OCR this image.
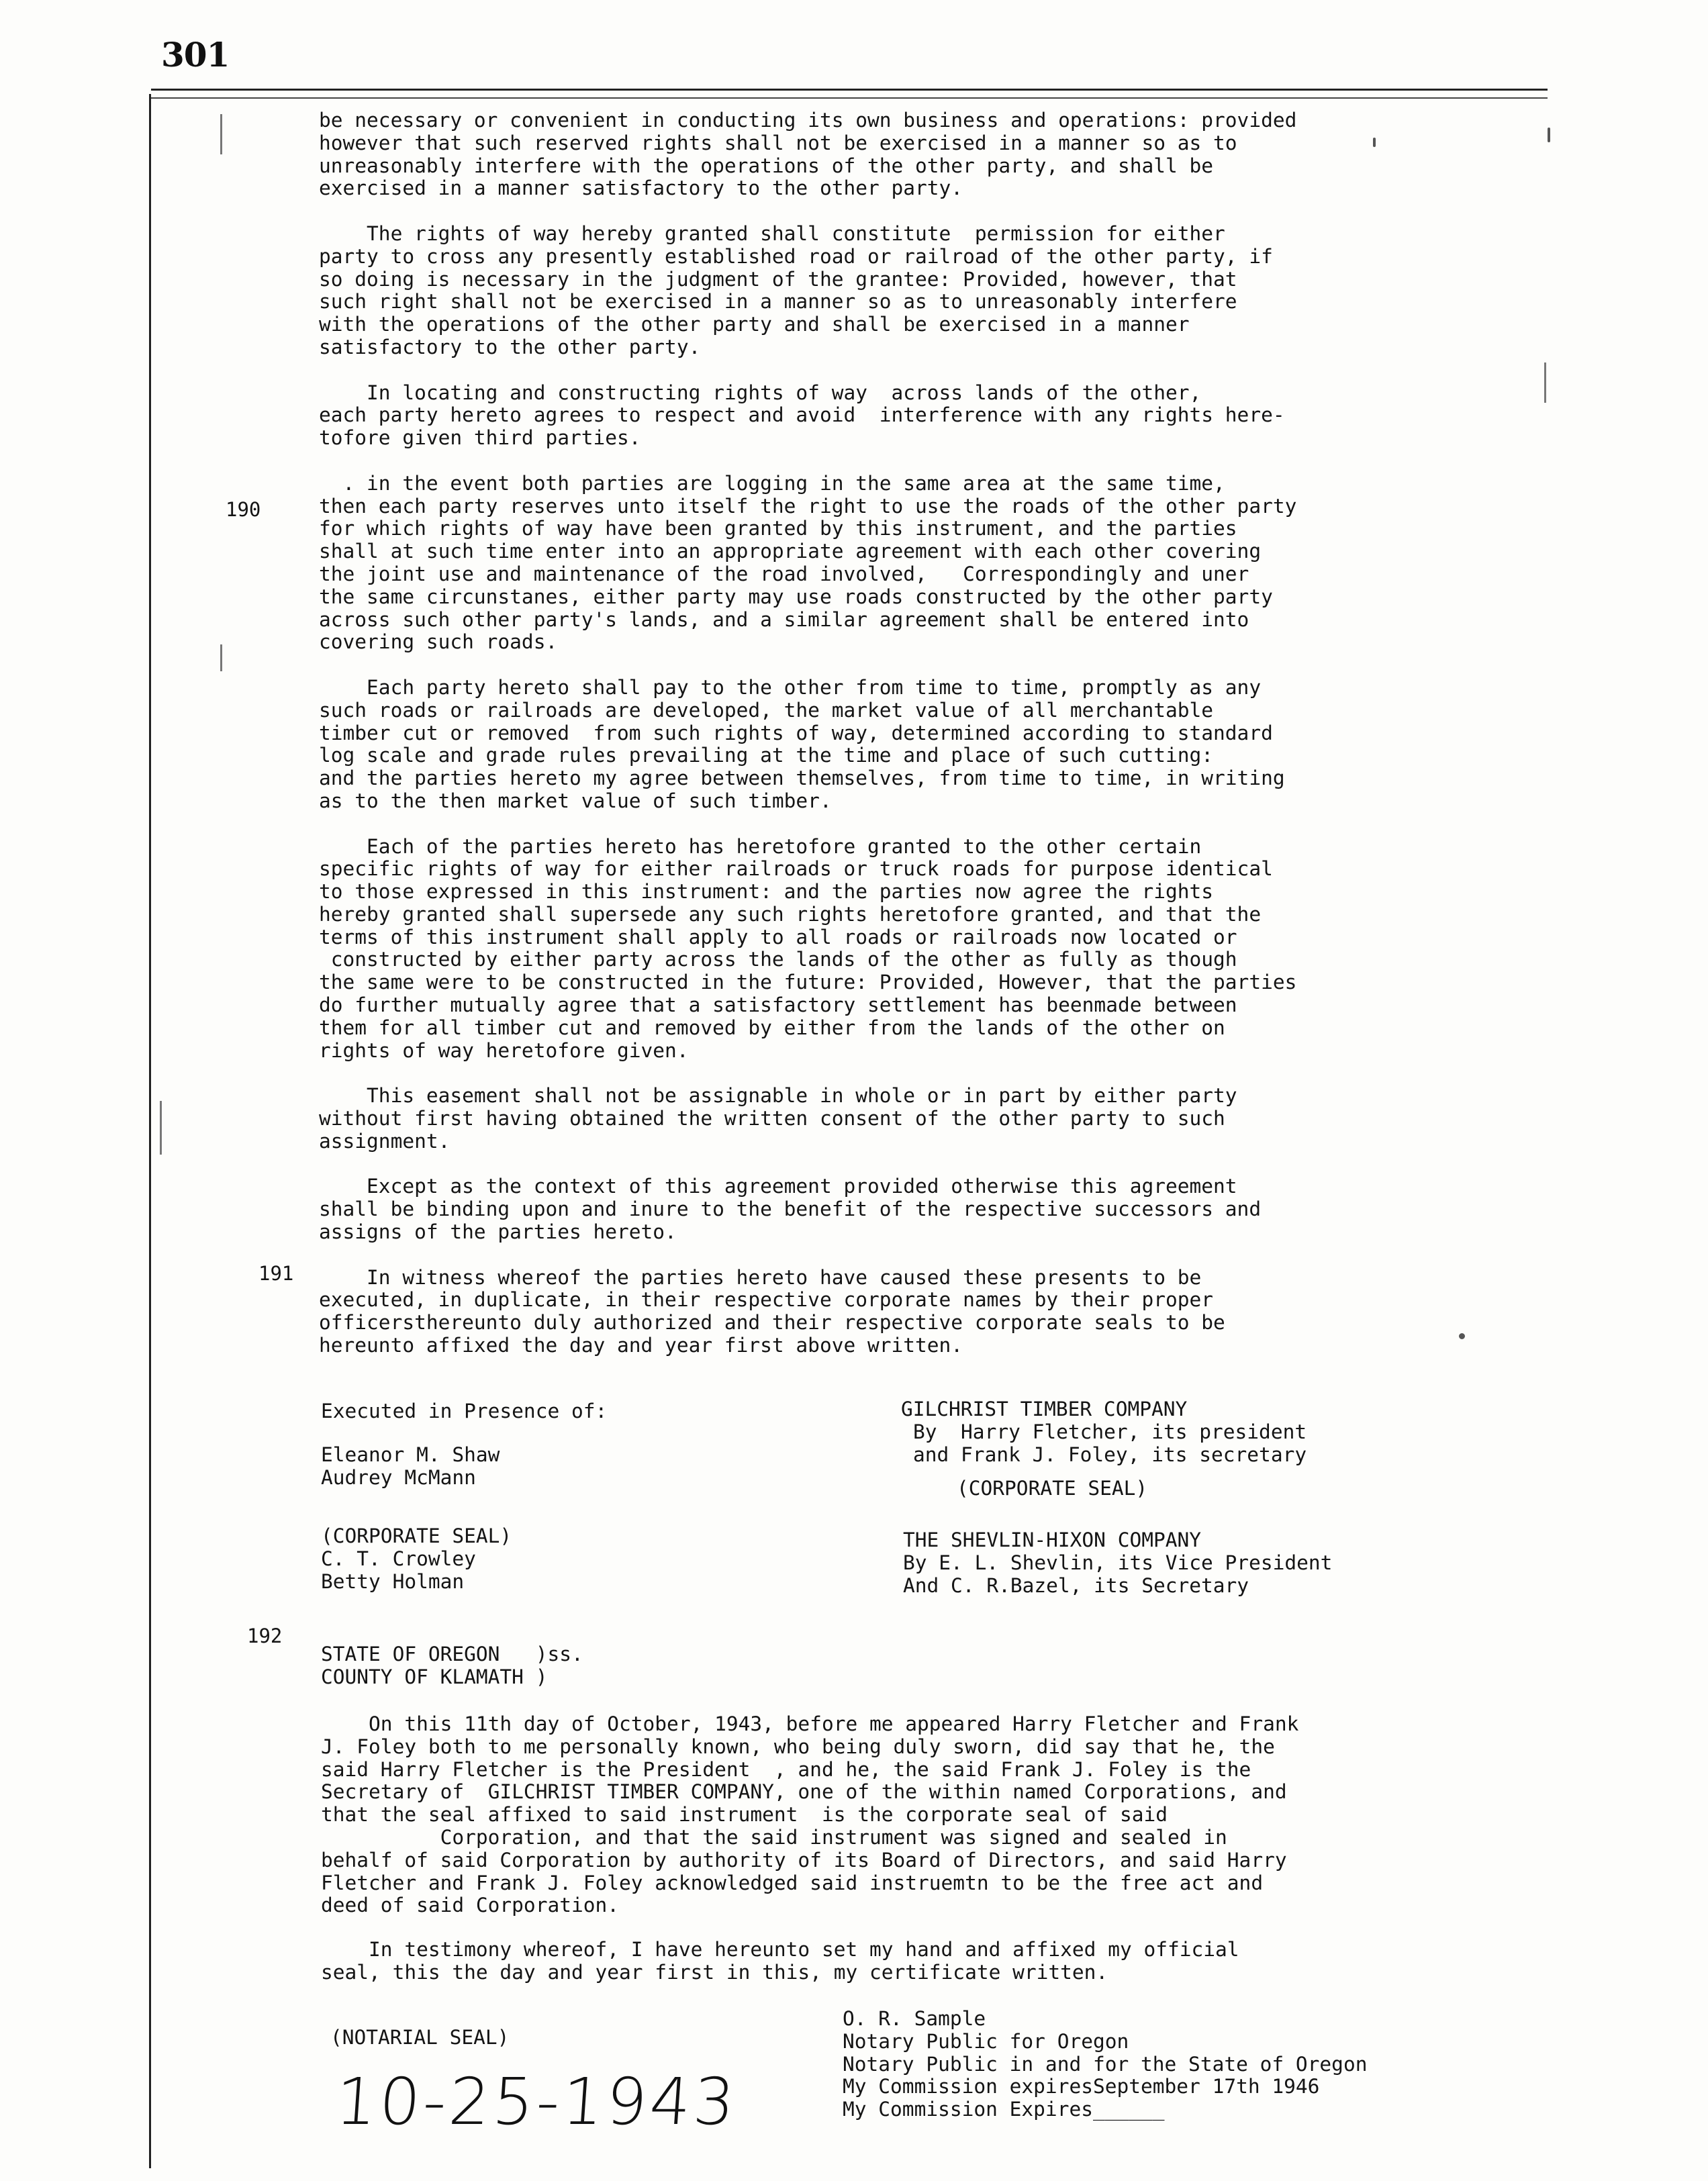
301
190
191
192
be necessary or convenient in conducting its own business and operations: provided
however that such reserved rights shall not be exercised in a manner so as to
unreasonably interfere with the operations of the other party, and shall be
exercised in a manner satisfactory to the other party.
The rights of way hereby granted shall constitute  permission for either
party to cross any presently established road or railroad of the other party, if
so doing is necessary in the judgment of the grantee: Provided, however, that
such right shall not be exercised in a manner so as to unreasonably interfere
with the operations of the other party and shall be exercised in a manner
satisfactory to the other party.
In locating and constructing rights of way  across lands of the other,
each party hereto agrees to respect and avoid  interference with any rights here-
tofore given third parties.
. in the event both parties are logging in the same area at the same time,
then each party reserves unto itself the right to use the roads of the other party
for which rights of way have been granted by this instrument, and the parties
shall at such time enter into an appropriate agreement with each other covering
the joint use and maintenance of the road involved,   Correspondingly and uner
the same circunstanes, either party may use roads constructed by the other party
across such other party's lands, and a similar agreement shall be entered into
covering such roads.
Each party hereto shall pay to the other from time to time, promptly as any
such roads or railroads are developed, the market value of all merchantable
timber cut or removed  from such rights of way, determined according to standard
log scale and grade rules prevailing at the time and place of such cutting:
and the parties hereto my agree between themselves, from time to time, in writing
as to the then market value of such timber.
Each of the parties hereto has heretofore granted to the other certain
specific rights of way for either railroads or truck roads for purpose identical
to those expressed in this instrument: and the parties now agree the rights
hereby granted shall supersede any such rights heretofore granted, and that the
terms of this instrument shall apply to all roads or railroads now located or
constructed by either party across the lands of the other as fully as though
the same were to be constructed in the future: Provided, However, that the parties
do further mutually agree that a satisfactory settlement has beenmade between
them for all timber cut and removed by either from the lands of the other on
rights of way heretofore given.
This easement shall not be assignable in whole or in part by either party
without first having obtained the written consent of the other party to such
assignment.
Except as the context of this agreement provided otherwise this agreement
shall be binding upon and inure to the benefit of the respective successors and
assigns of the parties hereto.
In witness whereof the parties hereto have caused these presents to be
executed, in duplicate, in their respective corporate names by their proper
officersthereunto duly authorized and their respective corporate seals to be
hereunto affixed the day and year first above written.
Executed in Presence of:
Eleanor M. Shaw
Audrey McMann
GILCHRIST TIMBER COMPANY
By  Harry Fletcher, its president
and Frank J. Foley, its secretary
(CORPORATE SEAL)
(CORPORATE SEAL)
C. T. Crowley
Betty Holman
THE SHEVLIN-HIXON COMPANY
By E. L. Shevlin, its Vice President
And C. R.Bazel, its Secretary
STATE OF OREGON   )ss.
COUNTY OF KLAMATH )
On this 11th day of October, 1943, before me appeared Harry Fletcher and Frank
J. Foley both to me personally known, who being duly sworn, did say that he, the
said Harry Fletcher is the President  , and he, the said Frank J. Foley is the
Secretary of  GILCHRIST TIMBER COMPANY, one of the within named Corporations, and
that the seal affixed to said instrument  is the corporate seal of said
Corporation, and that the said instrument was signed and sealed in
behalf of said Corporation by authority of its Board of Directors, and said Harry
Fletcher and Frank J. Foley acknowledged said instruemtn to be the free act and
deed of said Corporation.
In testimony whereof, I have hereunto set my hand and affixed my official
seal, this the day and year first in this, my certificate written.
(NOTARIAL SEAL)
O. R. Sample
Notary Public for Oregon
Notary Public in and for the State of Oregon
My Commission expiresSeptember 17th 1946
My Commission Expires______
10-25-1943
